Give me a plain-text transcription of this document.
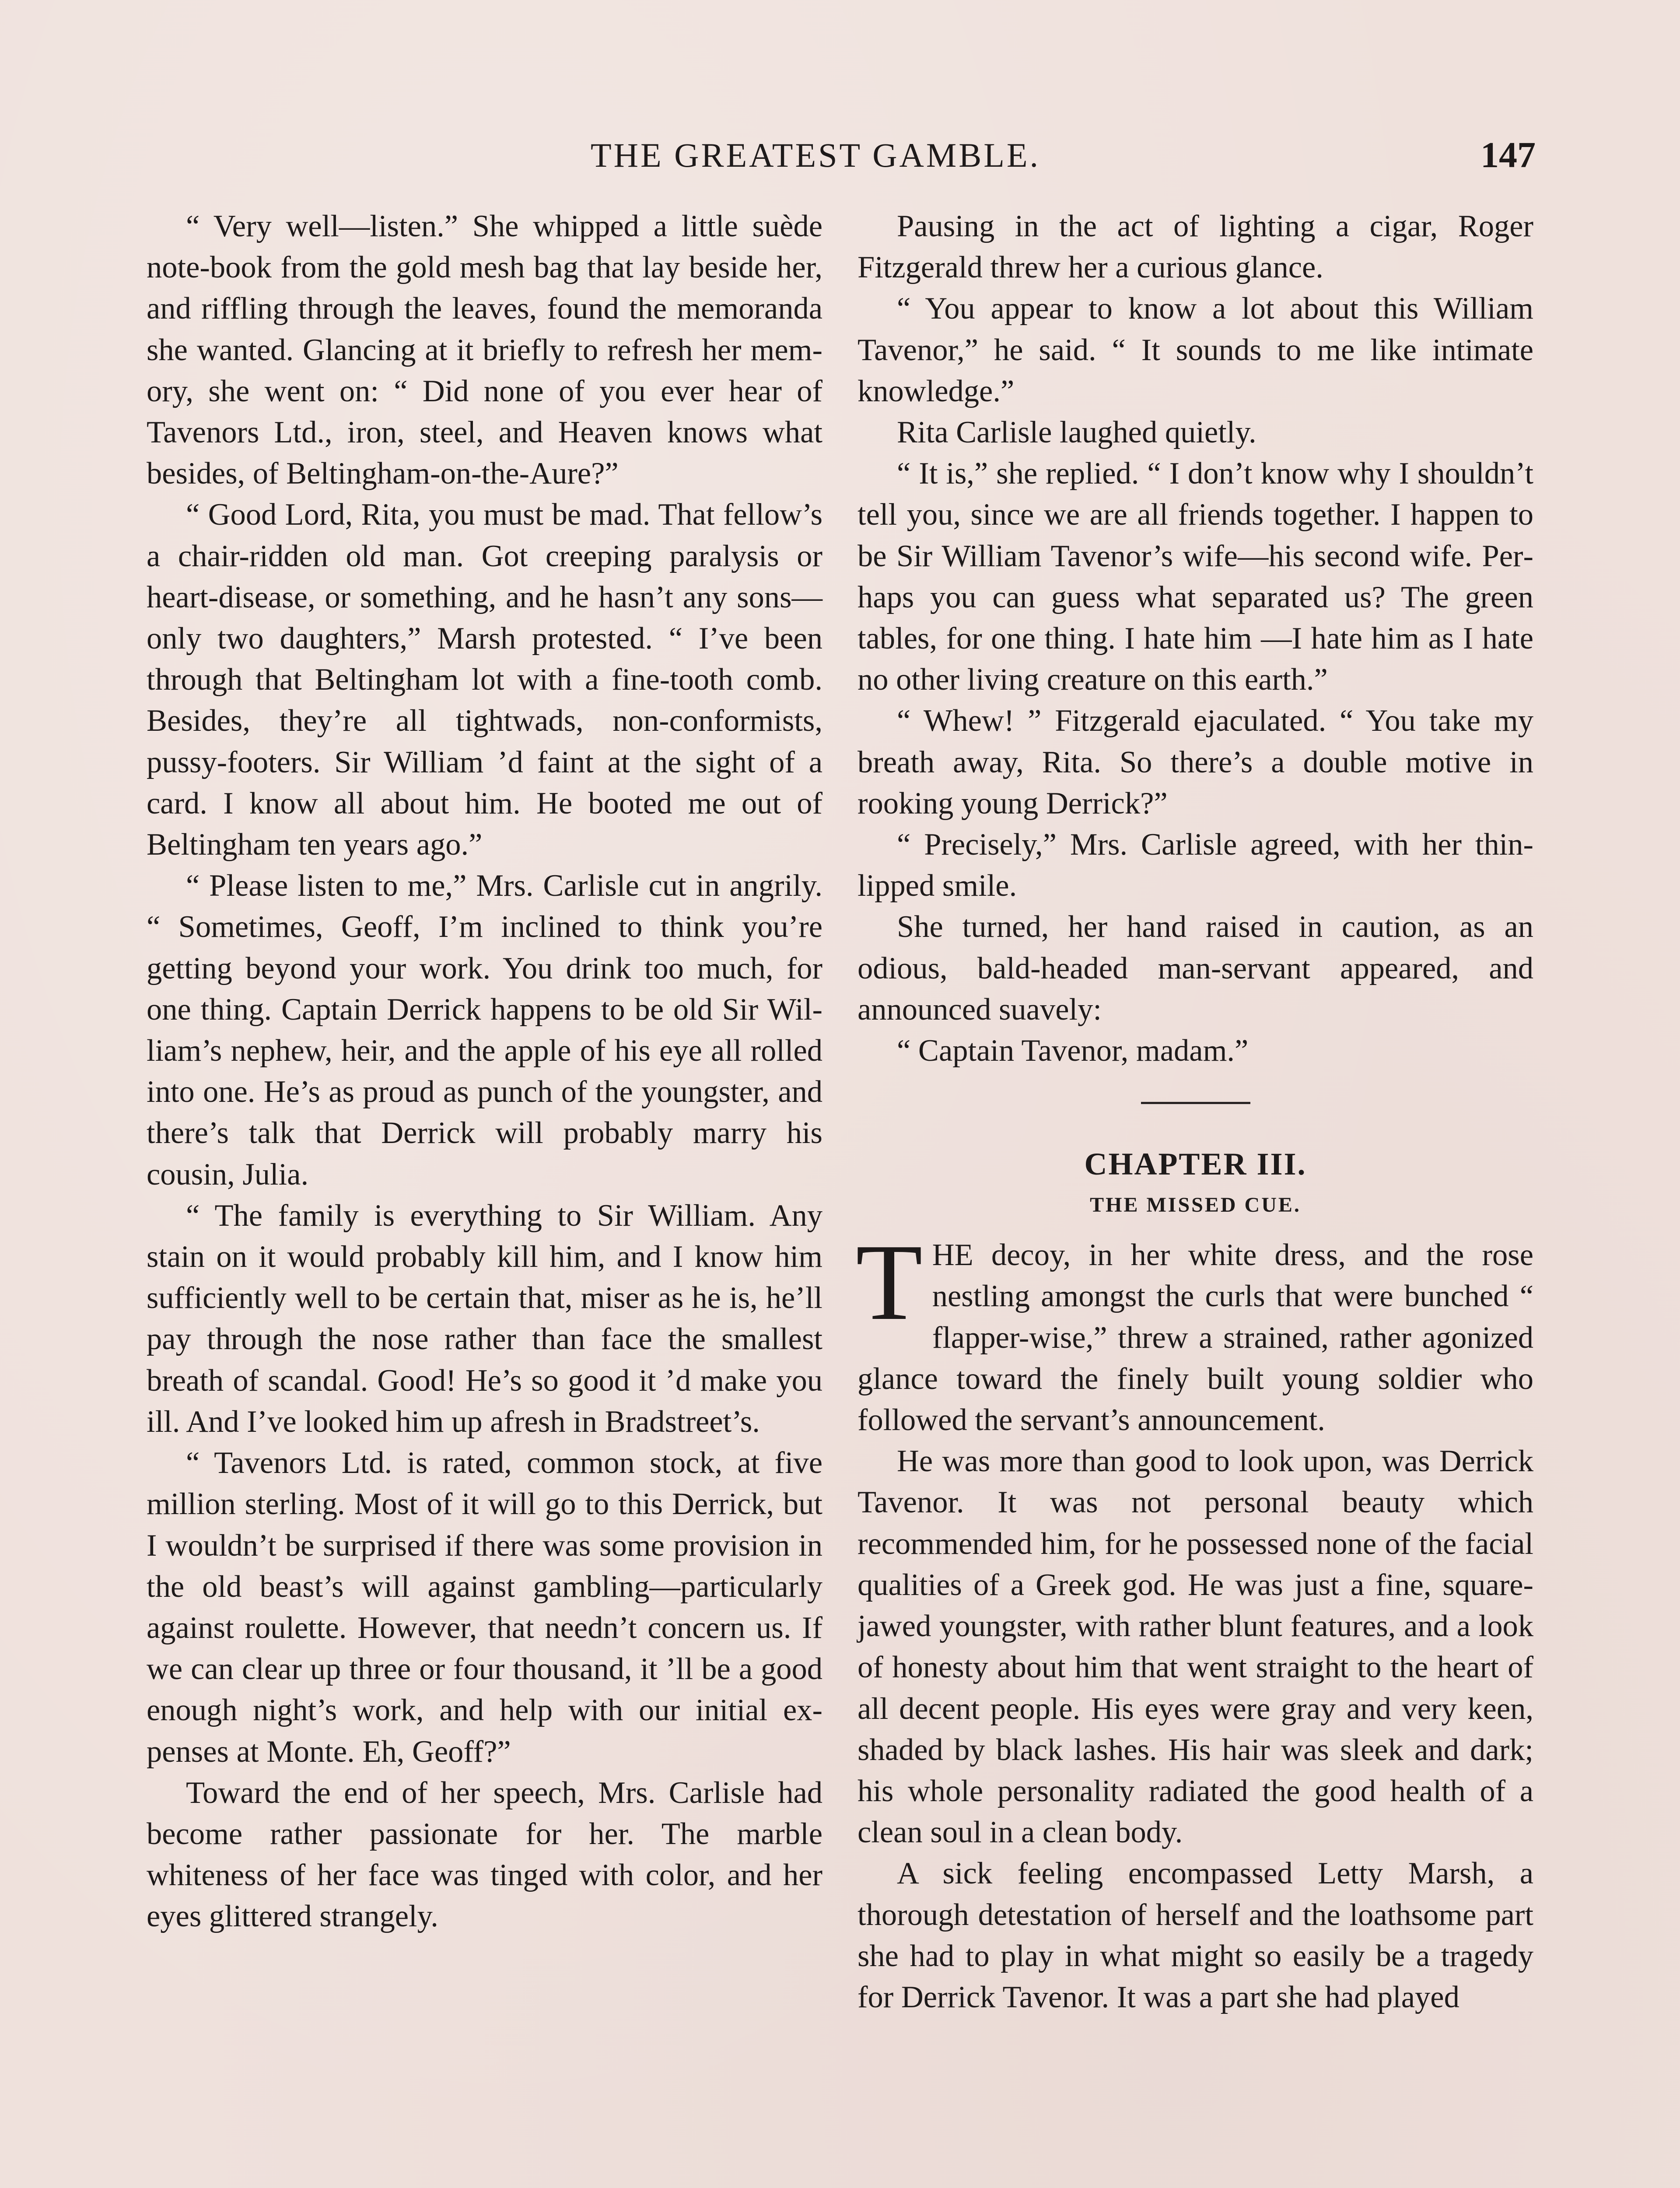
THE GREATEST GAMBLE.	147

“ Very well—listen.” She whipped a little suède note-book from the gold mesh bag that lay beside her, and riffling through the leaves, found the memoranda she wanted. Glancing at it briefly to refresh her memory, she went on: “ Did none of you ever hear of Tavenors Ltd., iron, steel, and Heaven knows what besides, of Beltingham-on-the-Aure?”

“ Good Lord, Rita, you must be mad. That fellow’s a chair-ridden old man. Got creeping paralysis or heart-disease, or something, and he hasn’t any sons—only two daughters,” Marsh protested. “ I’ve been through that Beltingham lot with a fine-tooth comb. Besides, they’re all tightwads, non-conformists, pussy-footers. Sir William ’d faint at the sight of a card. I know all about him. He booted me out of Beltingham ten years ago.”

“ Please listen to me,” Mrs. Carlisle cut in angrily. “ Sometimes, Geoff, I’m inclined to think you’re getting beyond your work. You drink too much, for one thing. Captain Derrick happens to be old Sir William’s nephew, heir, and the apple of his eye all rolled into one. He’s as proud as punch of the youngster, and there’s talk that Derrick will probably marry his cousin, Julia.

“ The family is everything to Sir William. Any stain on it would probably kill him, and I know him sufficiently well to be certain that, miser as he is, he’ll pay through the nose rather than face the smallest breath of scandal. Good! He’s so good it ’d make you ill. And I’ve looked him up afresh in Bradstreet’s.

“ Tavenors Ltd. is rated, common stock, at five million sterling. Most of it will go to this Derrick, but I wouldn’t be surprised if there was some provision in the old beast’s will against gambling—particularly against roulette. However, that needn’t concern us. If we can clear up three or four thousand, it ’ll be a good enough night’s work, and help with our initial expenses at Monte. Eh, Geoff?”

Toward the end of her speech, Mrs. Carlisle had become rather passionate for her. The marble whiteness of her face was tinged with color, and her eyes glittered strangely.

Pausing in the act of lighting a cigar, Roger Fitzgerald threw her a curious glance.

“ You appear to know a lot about this William Tavenor,” he said. “ It sounds to me like intimate knowledge.”

Rita Carlisle laughed quietly.

“ It is,” she replied. “ I don’t know why I shouldn’t tell you, since we are all friends together. I happen to be Sir William Tavenor’s wife—his second wife. Perhaps you can guess what separated us? The green tables, for one thing. I hate him —I hate him as I hate no other living creature on this earth.”

“ Whew! ” Fitzgerald ejaculated. “ You take my breath away, Rita. So there’s a double motive in rooking young Derrick?”

“ Precisely,” Mrs. Carlisle agreed, with her thin-lipped smile.

She turned, her hand raised in caution, as an odious, bald-headed man-servant appeared, and announced suavely:

“ Captain Tavenor, madam.”

CHAPTER III.
THE MISSED CUE.

THE decoy, in her white dress, and the rose nestling amongst the curls that were bunched “ flapper-wise,” threw a strained, rather agonized glance toward the finely built young soldier who followed the servant’s announcement.

He was more than good to look upon, was Derrick Tavenor. It was not personal beauty which recommended him, for he possessed none of the facial qualities of a Greek god. He was just a fine, squarejawed youngster, with rather blunt features, and a look of honesty about him that went straight to the heart of all decent people. His eyes were gray and very keen, shaded by black lashes. His hair was sleek and dark; his whole personality radiated the good health of a clean soul in a clean body.

A sick feeling encompassed Letty Marsh, a thorough detestation of herself and the loathsome part she had to play in what might so easily be a tragedy for Derrick Tavenor. It was a part she had played
